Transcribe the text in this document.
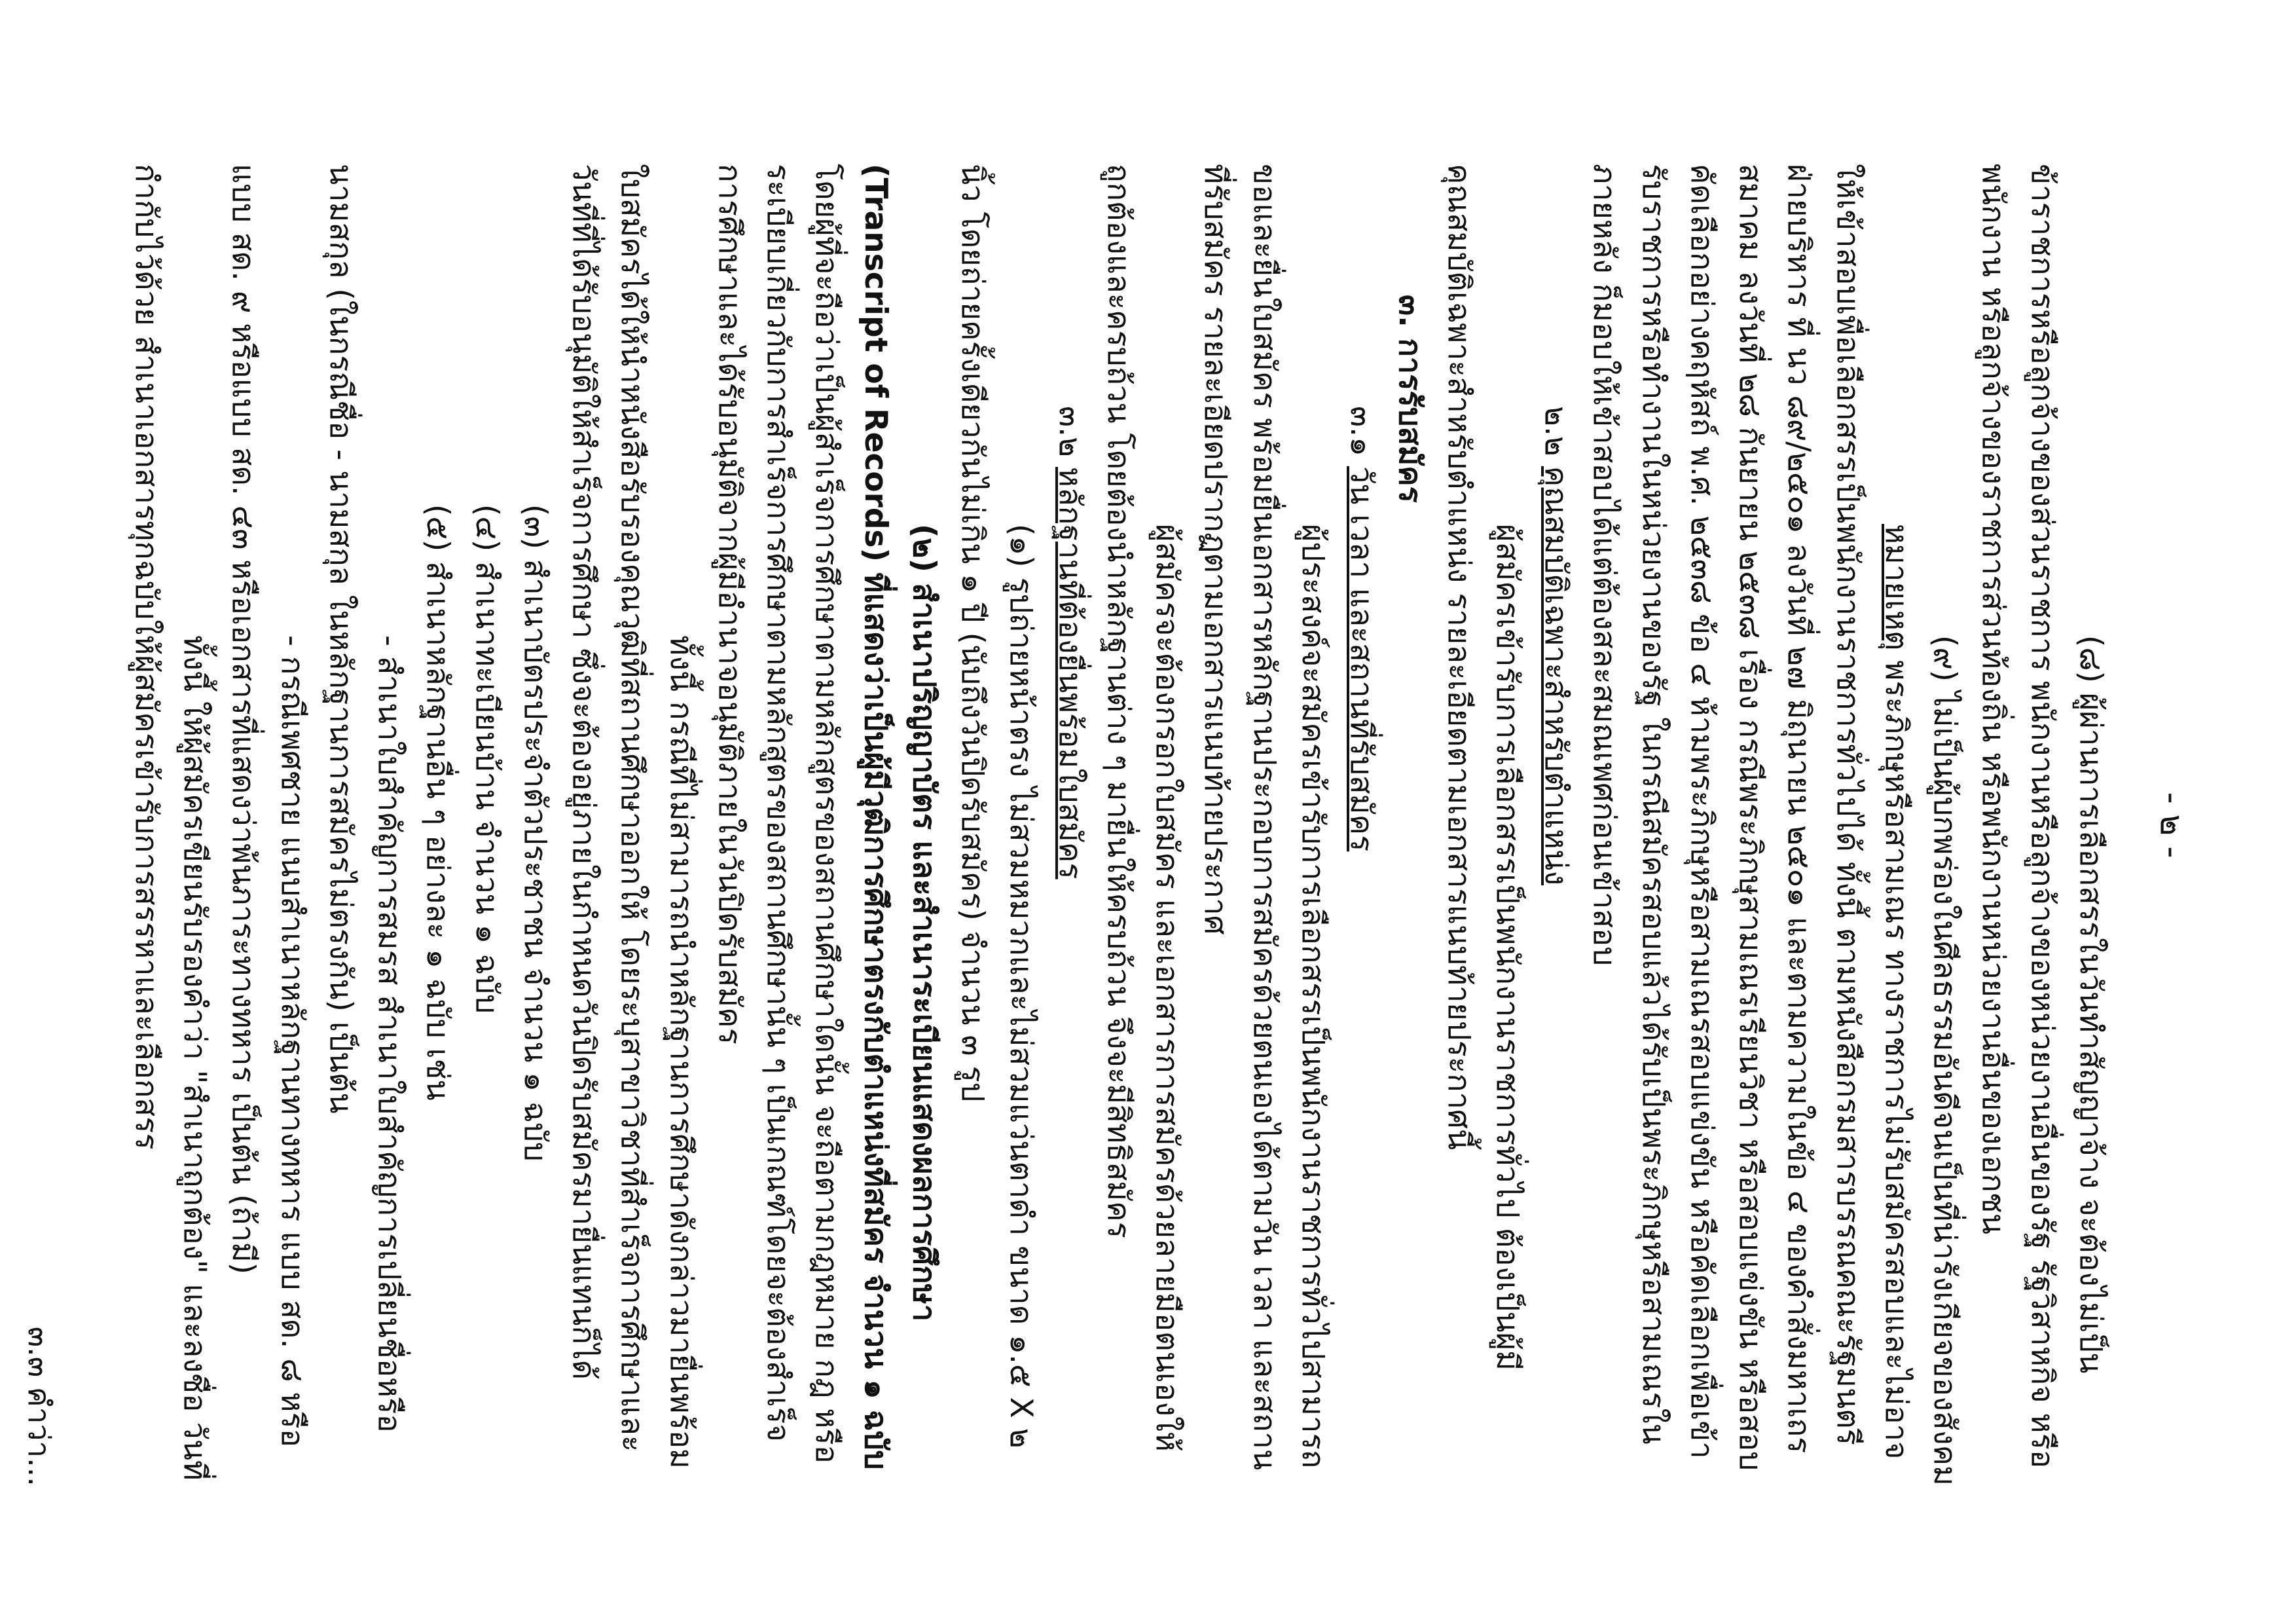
- ๒ -

(๘) ผู้ผ่านการเลือกสรรในวันทำสัญญาจ้าง จะต้องไม่เป็นข้าราชการหรือลูกจ้างของส่วนราชการ พนักงานหรือลูกจ้างของหน่วยงานอื่นของรัฐ รัฐวิสาหกิจ หรือพนักงาน หรือลูกจ้างของราชการส่วนท้องถิ่น หรือพนักงานหน่วยงานอื่นของเอกชน

(๙) ไม่เป็นผู้บกพร่องในศีลธรรมอันดีจนเป็นที่น่ารังเกียจของสังคม

หมายเหตุ พระภิกษุหรือสามเณร ทางราชการไม่รับสมัครสอบและไม่อาจให้เข้าสอบเพื่อเลือกสรรเป็นพนักงานราชการทั่วไปได้ ทั้งนี้ ตามหนังสือกรมสารบรรณคณะรัฐมนตรีฝ่ายบริหาร ที่ นว ๘๙/๒๕๐๑ ลงวันที่ ๒๗ มิถุนายน ๒๕๐๑ และตามความในข้อ ๔ ของคำสั่งมหาเถรสมาคม ลงวันที่ ๒๘ กันยายน ๒๕๓๘ เรื่อง กรณีพระภิกษุสามเณรเรียนวิชา หรือสอบแข่งขัน หรือสอบคัดเลือกอย่างคฤหัสถ์ พ.ศ. ๒๕๓๘ ข้อ ๔ ห้ามพระภิกษุหรือสามเณรสอบแข่งขัน หรือคัดเลือกเพื่อเข้ารับราชการหรือทำงานในหน่วยงานของรัฐ ในกรณีสมัครสอบแล้วได้รับเป็นพระภิกษุหรือสามเณรในภายหลัง ก็มอบให้เข้าสอบได้แต่ต้องสละสมณเพศก่อนเข้าสอบ

๒.๒ คุณสมบัติเฉพาะสำหรับตำแหน่ง

ผู้สมัครเข้ารับการเลือกสรรเป็นพนักงานราชการทั่วไป ต้องเป็นผู้มีคุณสมบัติเฉพาะสำหรับตำแหน่ง รายละเอียดตามเอกสารแนบท้ายประกาศนี้

๓. การรับสมัคร

๓.๑ วัน เวลา และสถานที่รับสมัคร

ผู้ประสงค์จะสมัครเข้ารับการเลือกสรรเป็นพนักงานราชการทั่วไปสามารถขอและยื่นใบสมัคร พร้อมยื่นเอกสารหลักฐานประกอบการสมัครด้วยตนเองได้ตามวัน เวลา และสถานที่รับสมัคร รายละเอียดปรากฏตามเอกสารแนบท้ายประกาศ

ผู้สมัครจะต้องกรอกใบสมัคร และเอกสารการสมัครด้วยลายมือตนเองให้ถูกต้องและครบถ้วน โดยต้องนำหลักฐานต่าง ๆ มายื่นให้ครบถ้วน จึงจะมีสิทธิสมัคร

๓.๒ หลักฐานที่ต้องยื่นพร้อมใบสมัคร

(๑) รูปถ่ายหน้าตรง ไม่สวมหมวกและไม่สวมแว่นตาดำ ขนาด ๑.๕ X ๒ นิ้ว โดยถ่ายครั้งเดียวกันไม่เกิน ๑ ปี (นับถึงวันปิดรับสมัคร) จำนวน ๓ รูป

(๒) สำเนาปริญญาบัตร และสำเนาระเบียนแสดงผลการศึกษา (Transcript of Records) ที่แสดงว่าเป็นผู้มีวุฒิการศึกษาตรงกับตำแหน่งที่สมัคร จำนวน ๑ ฉบับ โดยผู้ที่จะถือว่าเป็นผู้สำเร็จการศึกษาตามหลักสูตรของสถานศึกษาใดนั้น จะถือตามกฎหมาย กฎ หรือระเบียบเกี่ยวกับการสำเร็จการศึกษาตามหลักสูตรของสถานศึกษานั้น ๆ เป็นเกณฑ์โดยจะต้องสำเร็จการศึกษาและได้รับอนุมัติจากผู้มีอำนาจอนุมัติภายในวันปิดรับสมัคร

ทั้งนี้ กรณีที่ไม่สามารถนำหลักฐานการศึกษาดังกล่าวมายื่นพร้อมใบสมัครได้ให้นำหนังสือรับรองคุณวุฒิที่สถานศึกษาออกให้ โดยระบุสาขาวิชาที่สำเร็จการศึกษาและวันที่ที่ได้รับอนุมัติให้สำเร็จการศึกษา ซึ่งจะต้องอยู่ภายในกำหนดวันปิดรับสมัครมายื่นแทนก็ได้

(๓) สำเนาบัตรประจำตัวประชาชน จำนวน ๑ ฉบับ

(๔) สำเนาทะเบียนบ้าน จำนวน ๑ ฉบับ

(๕) สำเนาหลักฐานอื่น ๆ อย่างละ ๑ ฉบับ เช่น

- สำเนาใบสำคัญการสมรส สำเนาใบสำคัญการเปลี่ยนชื่อหรือนามสกุล (ในกรณีชื่อ - นามสกุล ในหลักฐานการสมัครไม่ตรงกัน) เป็นต้น

- กรณีเพศชาย แนบสำเนาหลักฐานทางทหาร แบบ สด. ๘ หรือแบบ สด. ๙ หรือแบบ สด. ๔๓ หรือเอกสารที่แสดงว่าพ้นภาระทางทหาร เป็นต้น (ถ้ามี)

ทั้งนี้ ให้ผู้สมัครเขียนรับรองคำว่า "สำเนาถูกต้อง" และลงชื่อ วันที่ กำกับไว้ด้วย สำเนาเอกสารทุกฉบับให้ผู้สมัครเข้ารับการสรรหาและเลือกสรร

๓.๓ คำว่า...
